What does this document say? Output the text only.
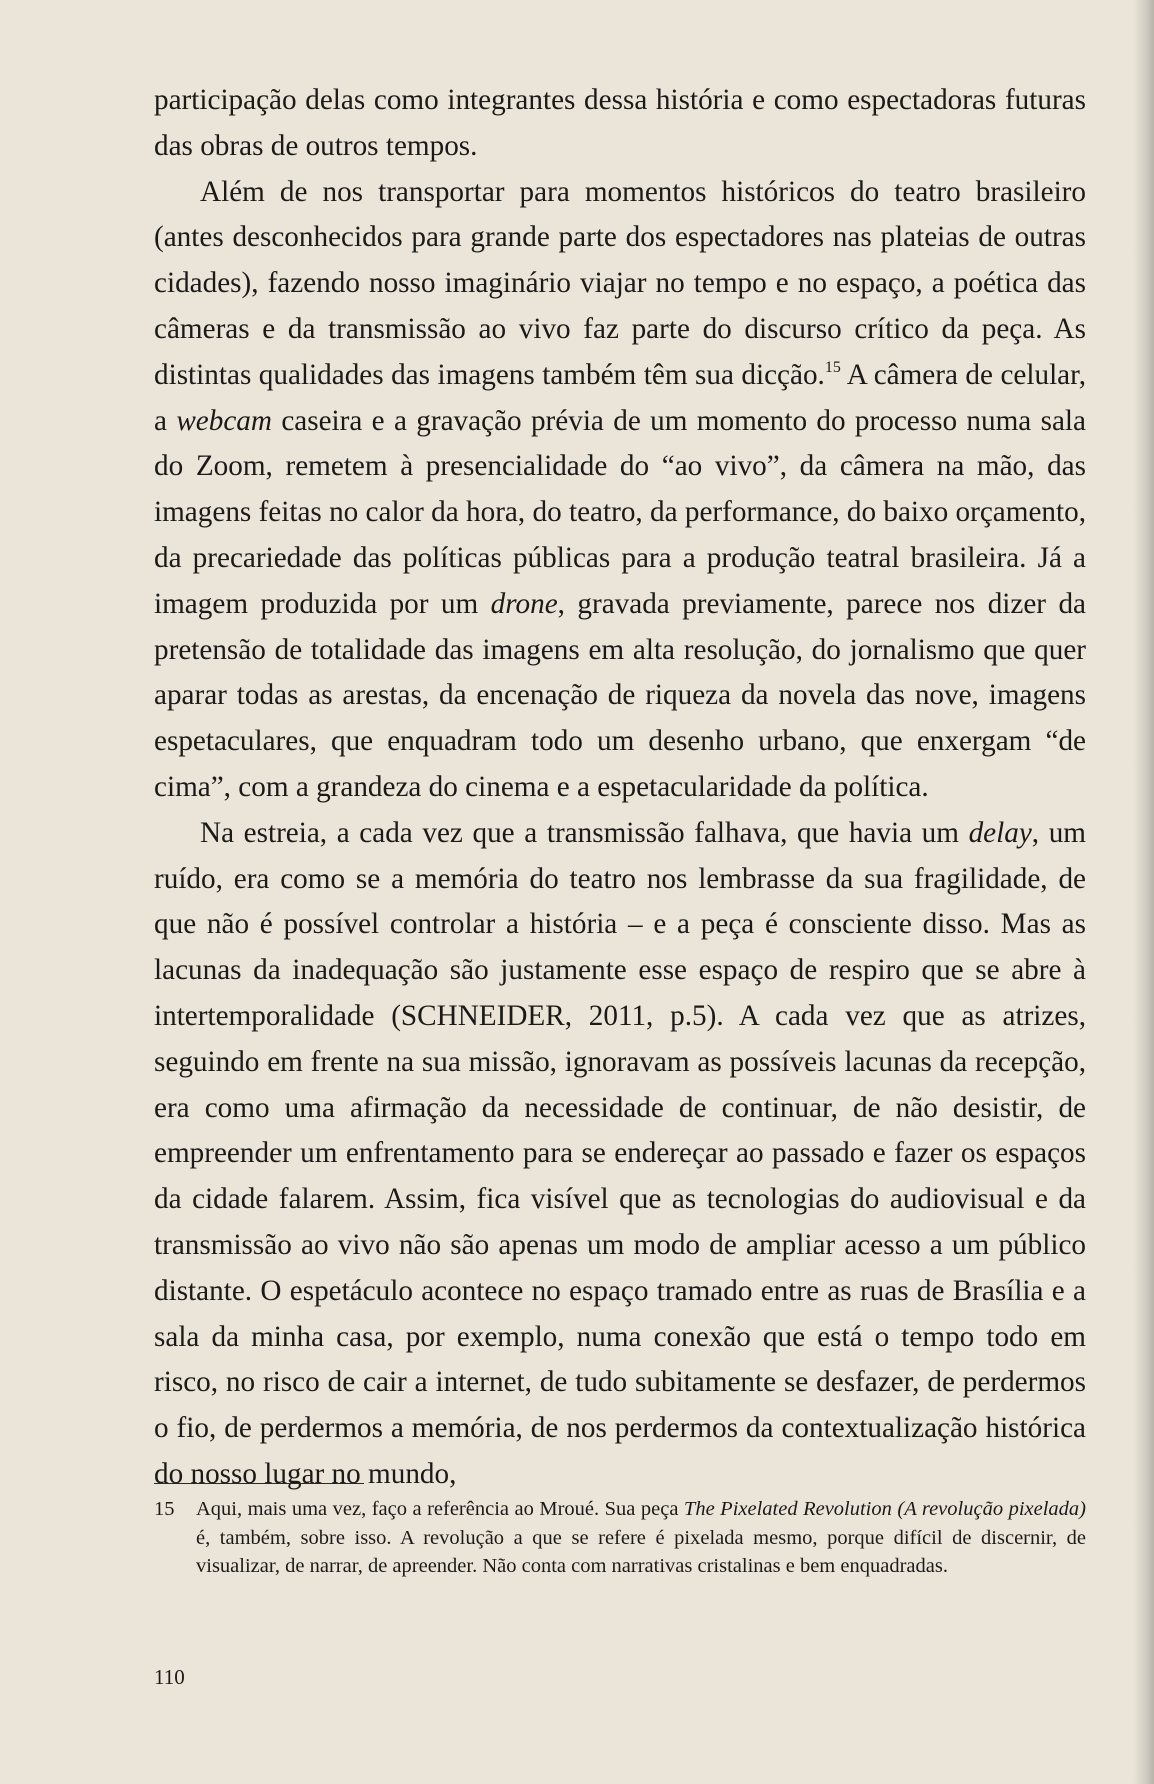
participação delas como integrantes dessa história e como espectadoras futuras das obras de outros tempos.

Além de nos transportar para momentos históricos do teatro brasileiro (antes desconhecidos para grande parte dos espectadores nas plateias de outras cidades), fazendo nosso imaginário viajar no tempo e no espaço, a poética das câmeras e da transmissão ao vivo faz parte do discurso crítico da peça. As distintas qualidades das imagens também têm sua dicção.$^{15}$ A câmera de celular, a webcam caseira e a gravação prévia de um momento do processo numa sala do Zoom, remetem à presencialidade do “ao vivo”, da câmera na mão, das imagens feitas no calor da hora, do teatro, da performance, do baixo orçamento, da precariedade das políticas públicas para a produção teatral brasileira. Já a imagem produzida por um drone, gravada previamente, parece nos dizer da pretensão de totalidade das imagens em alta resolução, do jornalismo que quer aparar todas as arestas, da encenação de riqueza da novela das nove, imagens espetaculares, que enquadram todo um desenho urbano, que enxergam “de cima”, com a grandeza do cinema e a espetacularidade da política.

Na estreia, a cada vez que a transmissão falhava, que havia um delay, um ruído, era como se a memória do teatro nos lembrasse da sua fragilidade, de que não é possível controlar a história – e a peça é consciente disso. Mas as lacunas da inadequação são justamente esse espaço de respiro que se abre à intertemporalidade (SCHNEIDER, 2011, p.5). A cada vez que as atrizes, seguindo em frente na sua missão, ignoravam as possíveis lacunas da recepção, era como uma afirmação da necessidade de continuar, de não desistir, de empreender um enfrentamento para se endereçar ao passado e fazer os espaços da cidade falarem. Assim, fica visível que as tecnologias do audiovisual e da transmissão ao vivo não são apenas um modo de ampliar acesso a um público distante. O espetáculo acontece no espaço tramado entre as ruas de Brasília e a sala da minha casa, por exemplo, numa conexão que está o tempo todo em risco, no risco de cair a internet, de tudo subitamente se desfazer, de perdermos o fio, de perdermos a memória, de nos perdermos da contextualização histórica do nosso lugar no mundo,

15 Aqui, mais uma vez, faço a referência ao Mroué. Sua peça The Pixelated Revolution (A revolução pixelada) é, também, sobre isso. A revolução a que se refere é pixelada mesmo, porque difícil de discernir, de visualizar, de narrar, de apreender. Não conta com narrativas cristalinas e bem enquadradas.
110
